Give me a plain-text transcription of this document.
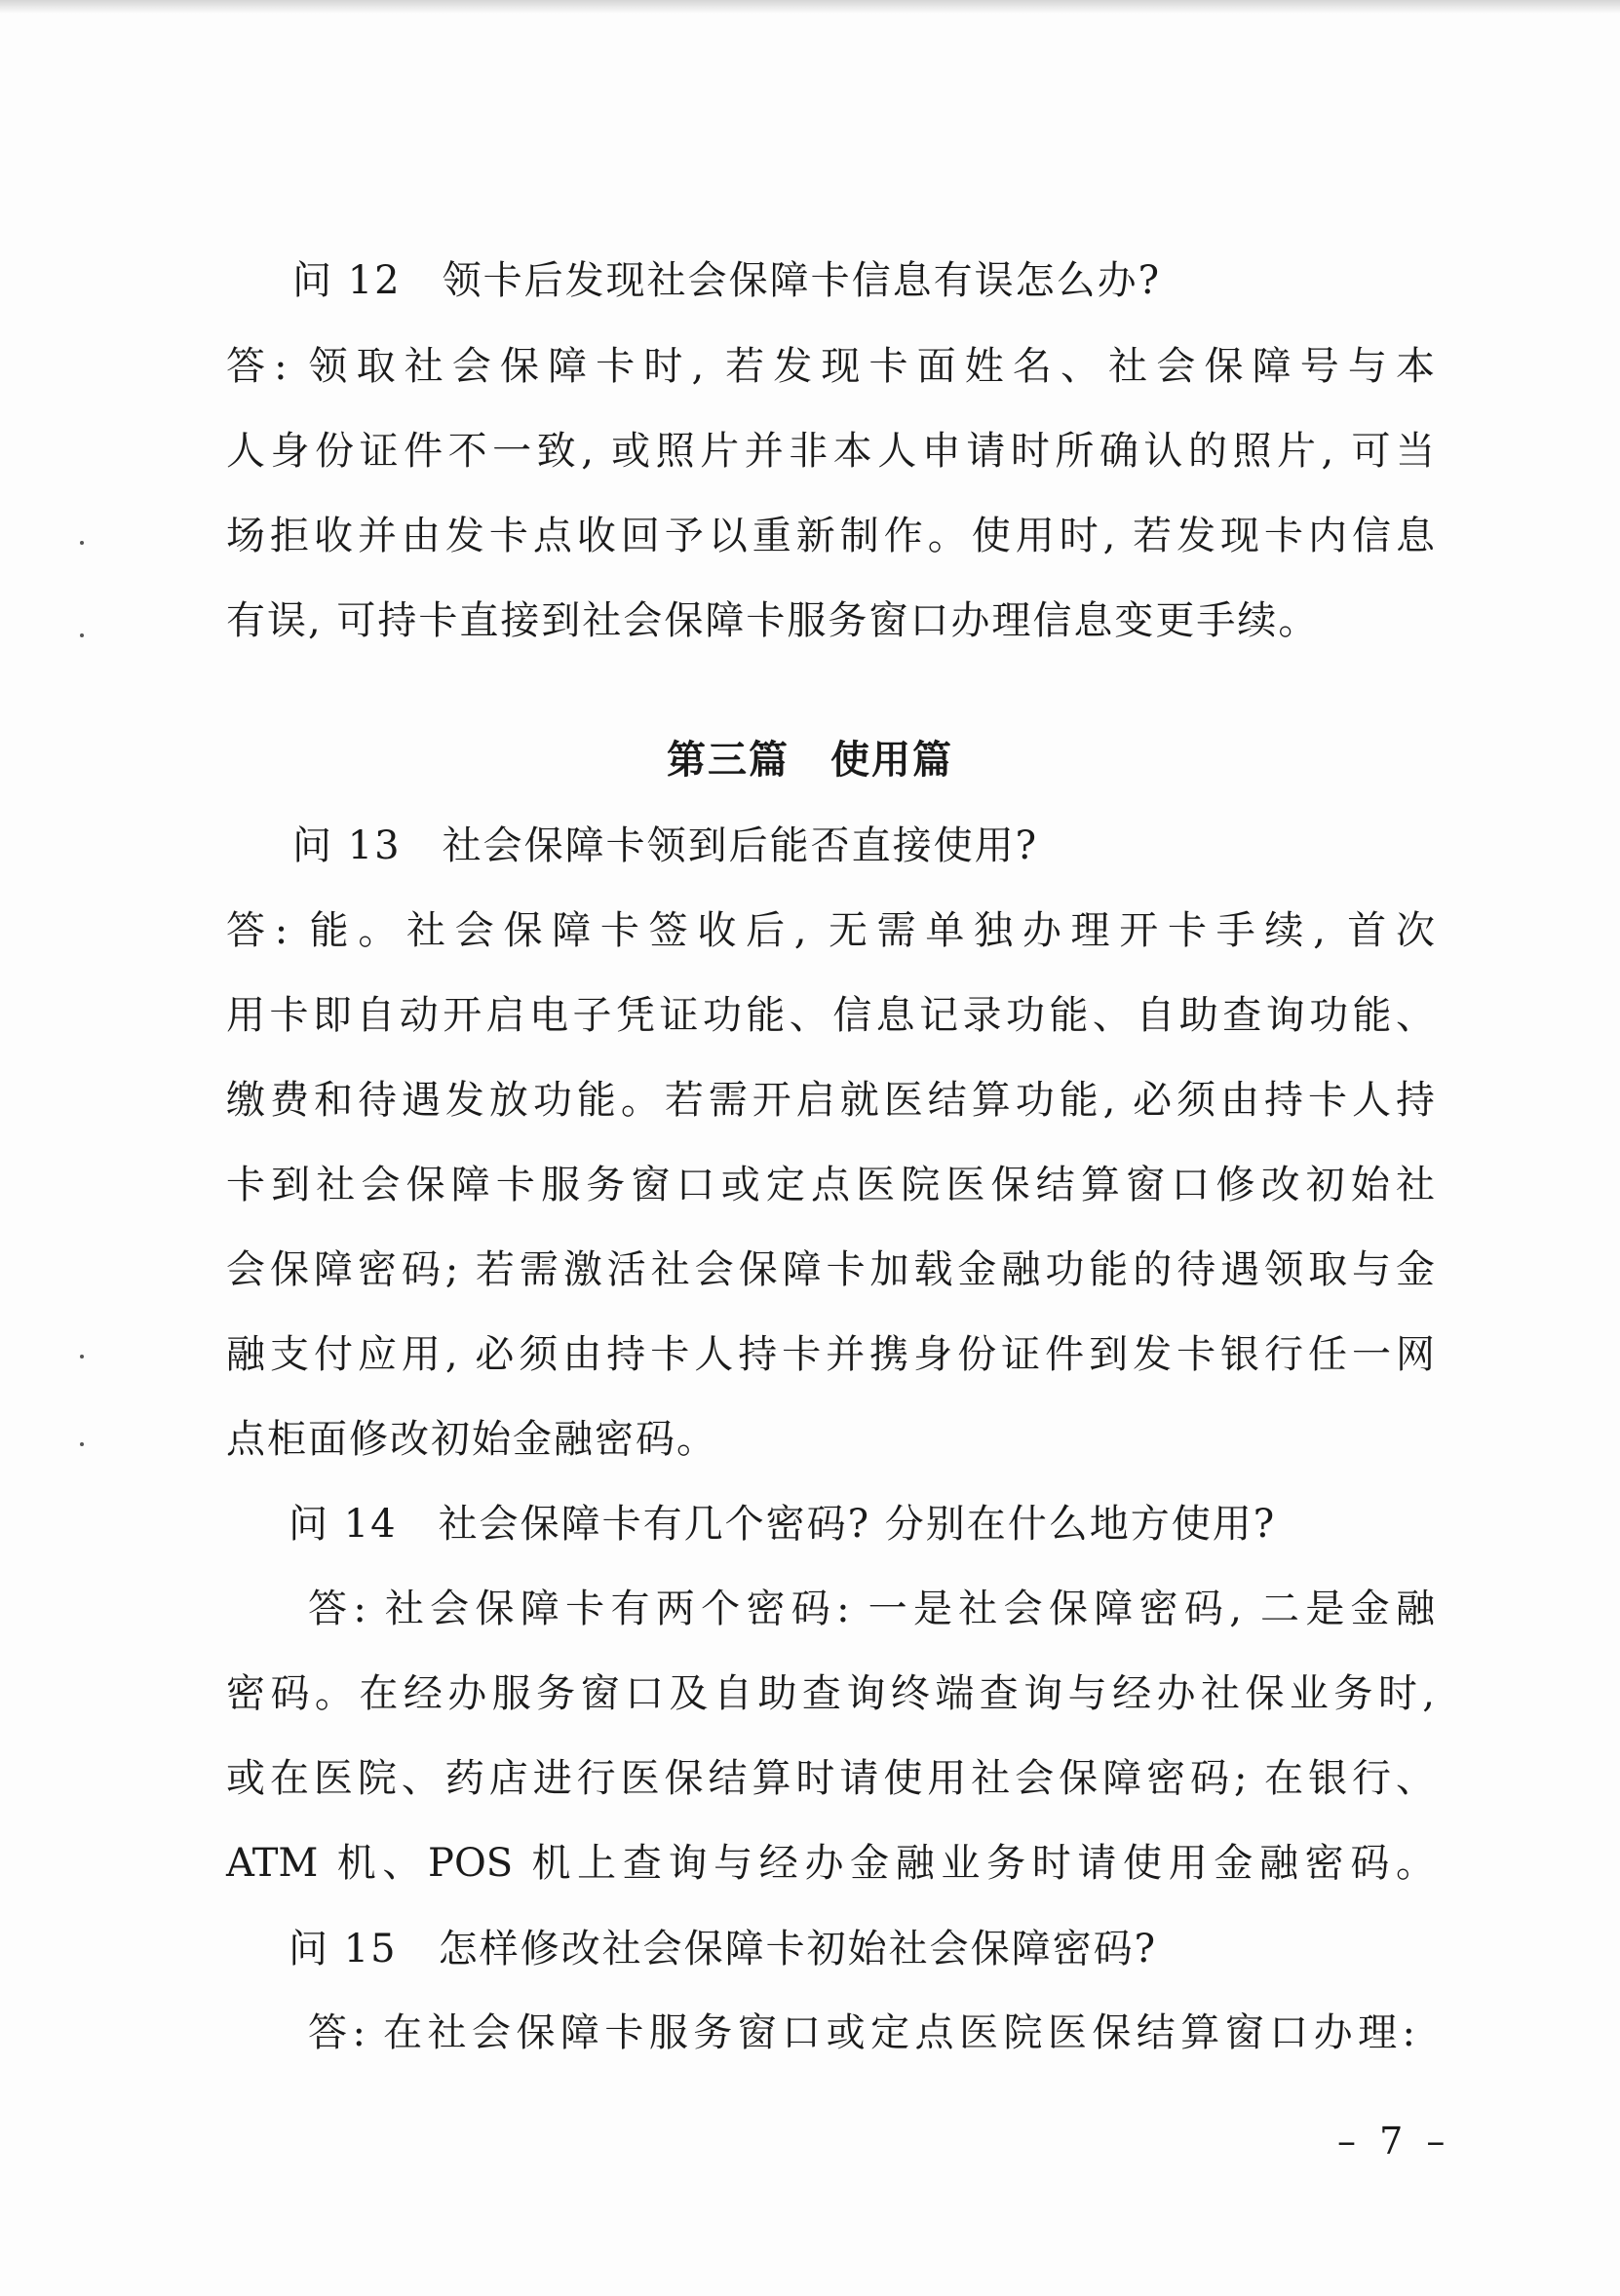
问 12　领卡后发现社会保障卡信息有误怎么办?
答: 领取社会保障卡时, 若发现卡面姓名、社会保障号与本
人身份证件不一致, 或照片并非本人申请时所确认的照片, 可当
场拒收并由发卡点收回予以重新制作。使用时, 若发现卡内信息
有误, 可持卡直接到社会保障卡服务窗口办理信息变更手续。
第三篇　使用篇
问 13　社会保障卡领到后能否直接使用?
答: 能。社会保障卡签收后, 无需单独办理开卡手续, 首次
用卡即自动开启电子凭证功能、信息记录功能、自助查询功能、
缴费和待遇发放功能。若需开启就医结算功能, 必须由持卡人持
卡到社会保障卡服务窗口或定点医院医保结算窗口修改初始社
会保障密码; 若需激活社会保障卡加载金融功能的待遇领取与金
融支付应用, 必须由持卡人持卡并携身份证件到发卡银行任一网
点柜面修改初始金融密码。
问 14　社会保障卡有几个密码? 分别在什么地方使用?
答: 社会保障卡有两个密码: 一是社会保障密码, 二是金融
密码。在经办服务窗口及自助查询终端查询与经办社保业务时,
或在医院、药店进行医保结算时请使用社会保障密码; 在银行、
ATM 机、POS 机上查询与经办金融业务时请使用金融密码。
问 15　怎样修改社会保障卡初始社会保障密码?
答: 在社会保障卡服务窗口或定点医院医保结算窗口办理:
– 7 –
